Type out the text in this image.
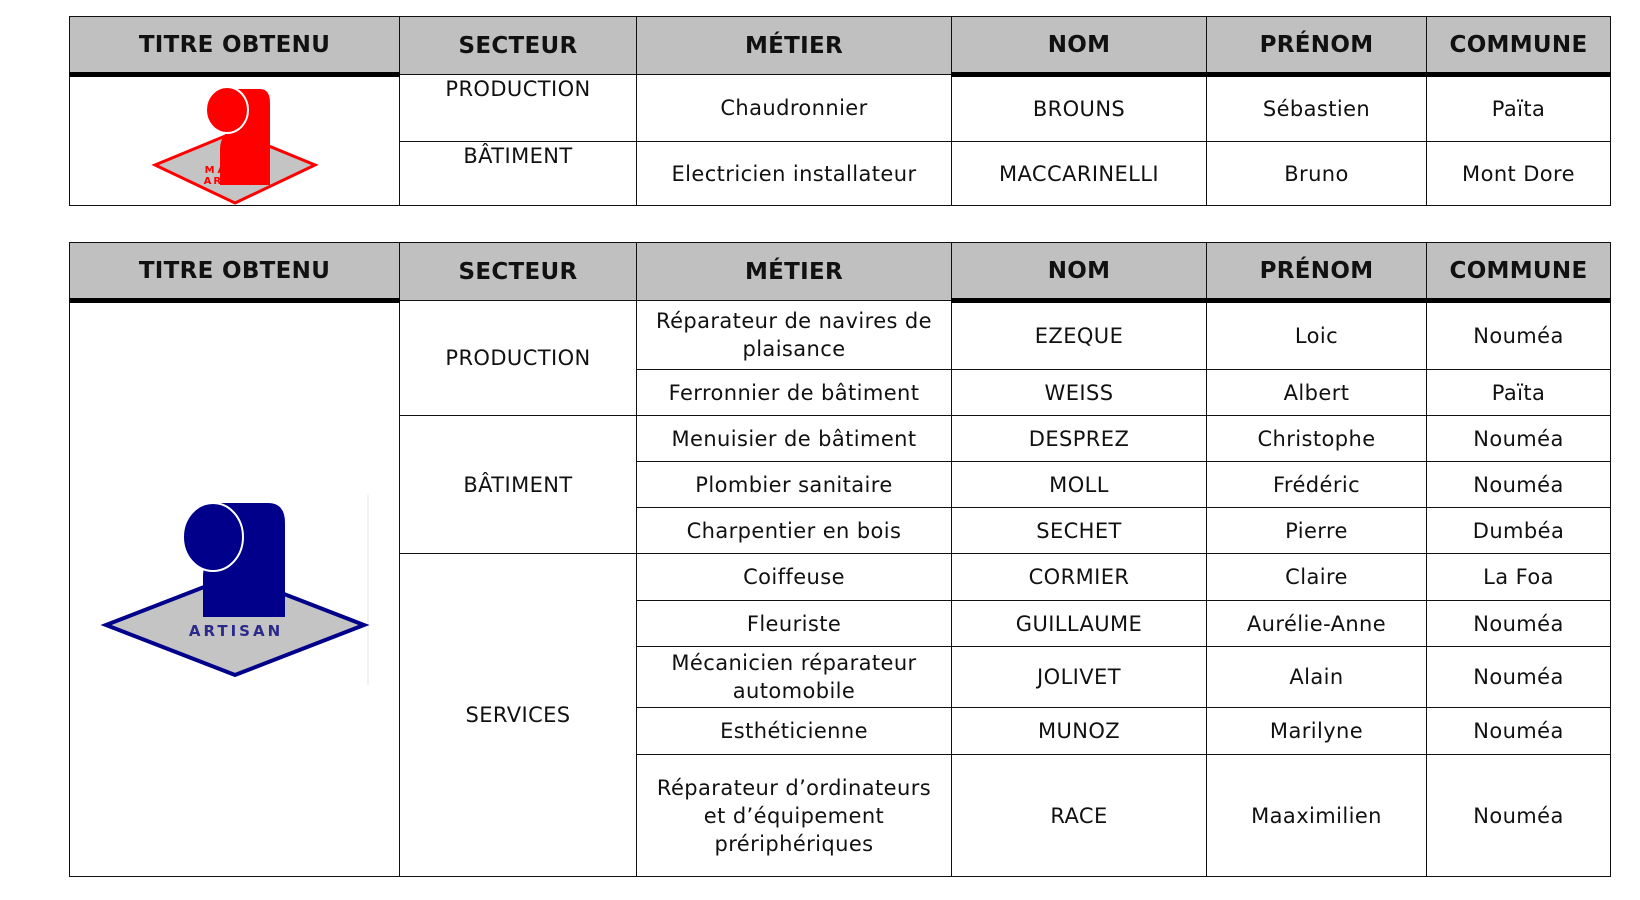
TITRE OBTENU	SECTEUR	MÉTIER	NOM	PRÉNOM	COMMUNE

MAITRE
ARTISAN	PRODUCTION	Chaudronnier	BROUNS	Sébastien	Païta
	BÂTIMENT	Electricien installateur	MACCARINELLI	Bruno	Mont Dore
TITRE OBTENU	SECTEUR	MÉTIER	NOM	PRÉNOM	COMMUNE

ARTISAN	PRODUCTION	Réparateur de navires de plaisance	EZEQUE	Loic	Nouméa
		Ferronnier de bâtiment	WEISS	Albert	Païta
	BÂTIMENT	Menuisier de bâtiment	DESPREZ	Christophe	Nouméa
		Plombier sanitaire	MOLL	Frédéric	Nouméa
		Charpentier en bois	SECHET	Pierre	Dumbéa
	SERVICES	Coiffeuse	CORMIER	Claire	La Foa
		Fleuriste	GUILLAUME	Aurélie-Anne	Nouméa
		Mécanicien réparateur automobile	JOLIVET	Alain	Nouméa
		Esthéticienne	MUNOZ	Marilyne	Nouméa
		Réparateur d’ordinateurs et d’équipement prériphériques	RACE	Maaximilien	Nouméa
